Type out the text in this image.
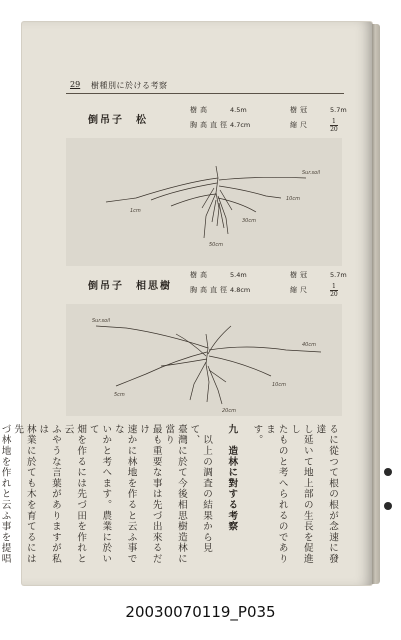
29 樹種別に於ける考察
倒吊子　松
樹高	4.5m	樹冠	5.7m
胸高直徑 4.7cm	縮尺	$\frac{1}{20}$
Sur.soil
10cm
30cm
50cm
1cm
倒吊子　相思樹
樹高	5.4m	樹冠	5.7m
胸高直徑 4.8cm	縮尺	$\frac{1}{20}$
Sur.soil
5cm
10cm
20cm
40cm

るに從つて根の根が念速に發達

し延いて地上部の生長を促進し

たものと考へられるのでありま

す。

九　造林に對する考察

　以上の調査の結果から見て、

臺灣に於て今後相思樹造林に當り

最も重要な事は先づ出來るだけ

速かに林地を作ると云ふ事でな

いかと考へます。農業に於いて

畑を作るには先づ田を作れと云

ふやうな言葉がありますが私は

林業に於ても木を育てるには先

づ林地を作れと云ふ事を提唱

20030070119_P035
